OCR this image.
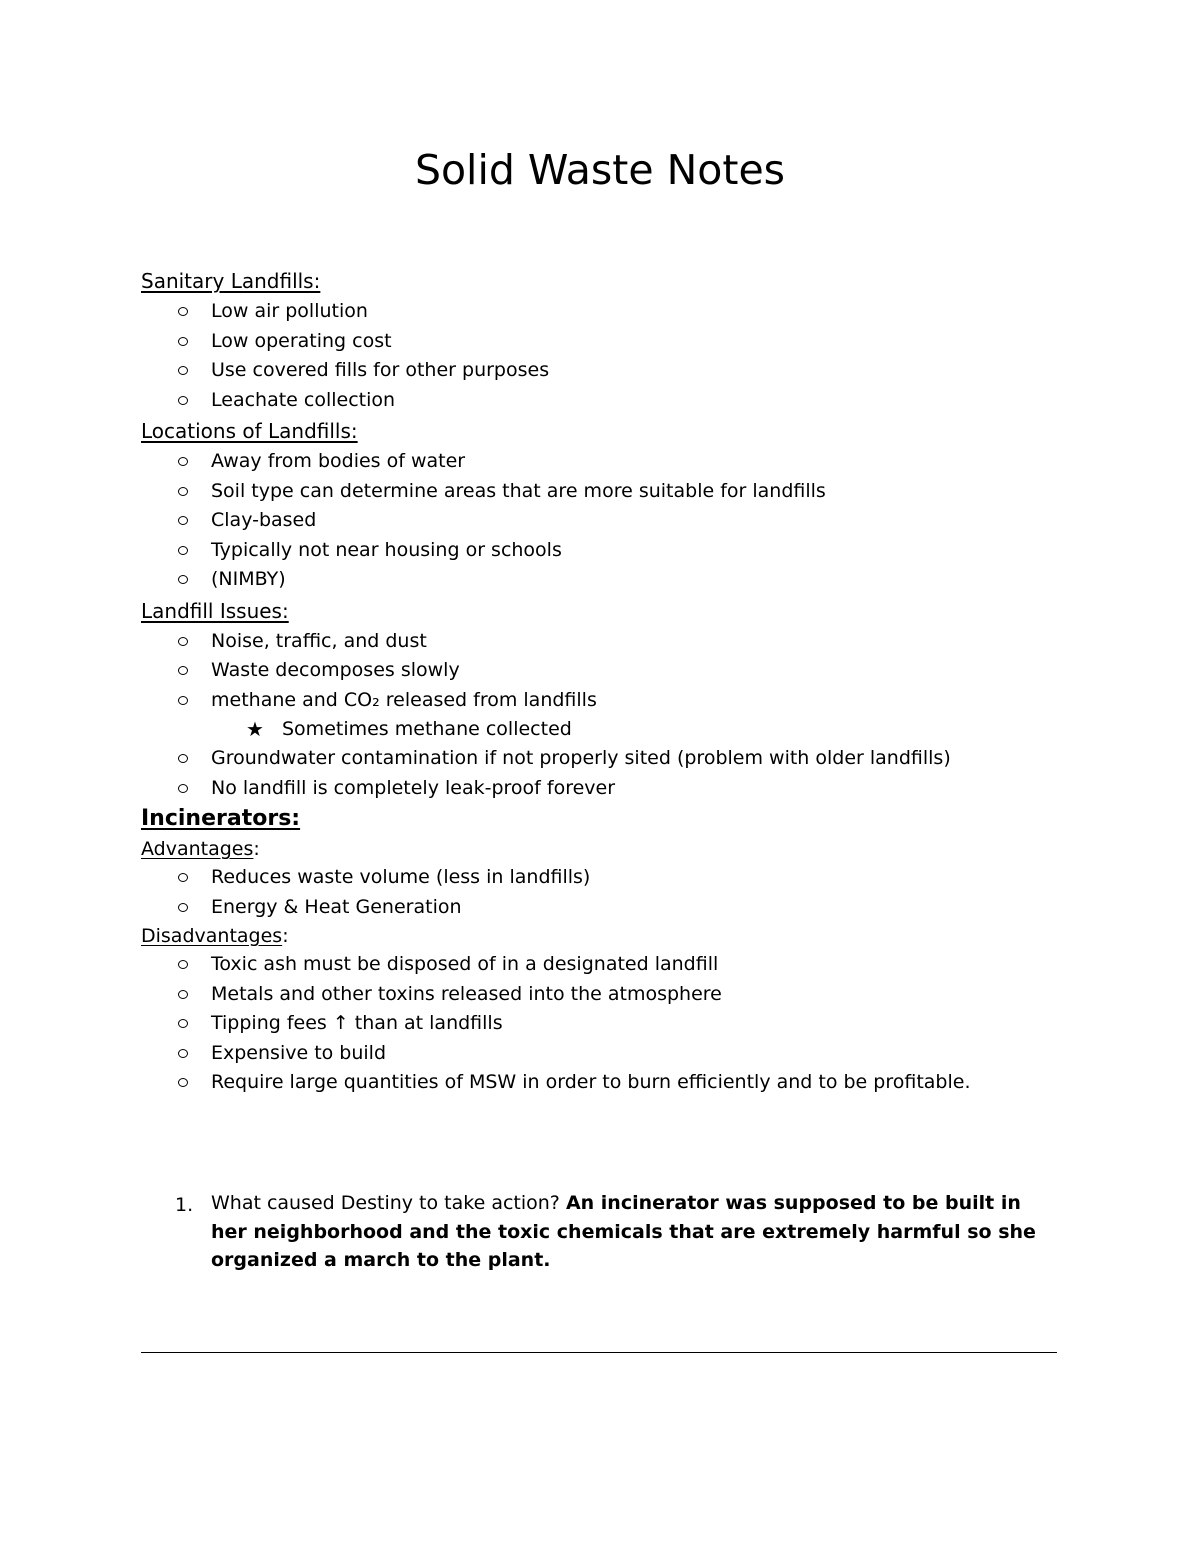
Solid Waste Notes
Sanitary Landfills:
Low air pollution
Low operating cost
Use covered fills for other purposes
Leachate collection
Locations of Landfills:
Away from bodies of water
Soil type can determine areas that are more suitable for landfills
Clay-based
Typically not near housing or schools
(NIMBY)
Landfill Issues:
Noise, traffic, and dust
Waste decomposes slowly
methane and CO₂ released from landfills
★ Sometimes methane collected
Groundwater contamination if not properly sited (problem with older landfills)
No landfill is completely leak-proof forever
Incinerators:
Advantages:
Reduces waste volume (less in landfills)
Energy & Heat Generation
Disadvantages:
Toxic ash must be disposed of in a designated landfill
Metals and other toxins released into the atmosphere
Tipping fees ↑ than at landfills
Expensive to build
Require large quantities of MSW in order to burn efficiently and to be profitable.
1. What caused Destiny to take action? An incinerator was supposed to be built in her neighborhood and the toxic chemicals that are extremely harmful so she organized a march to the plant.
